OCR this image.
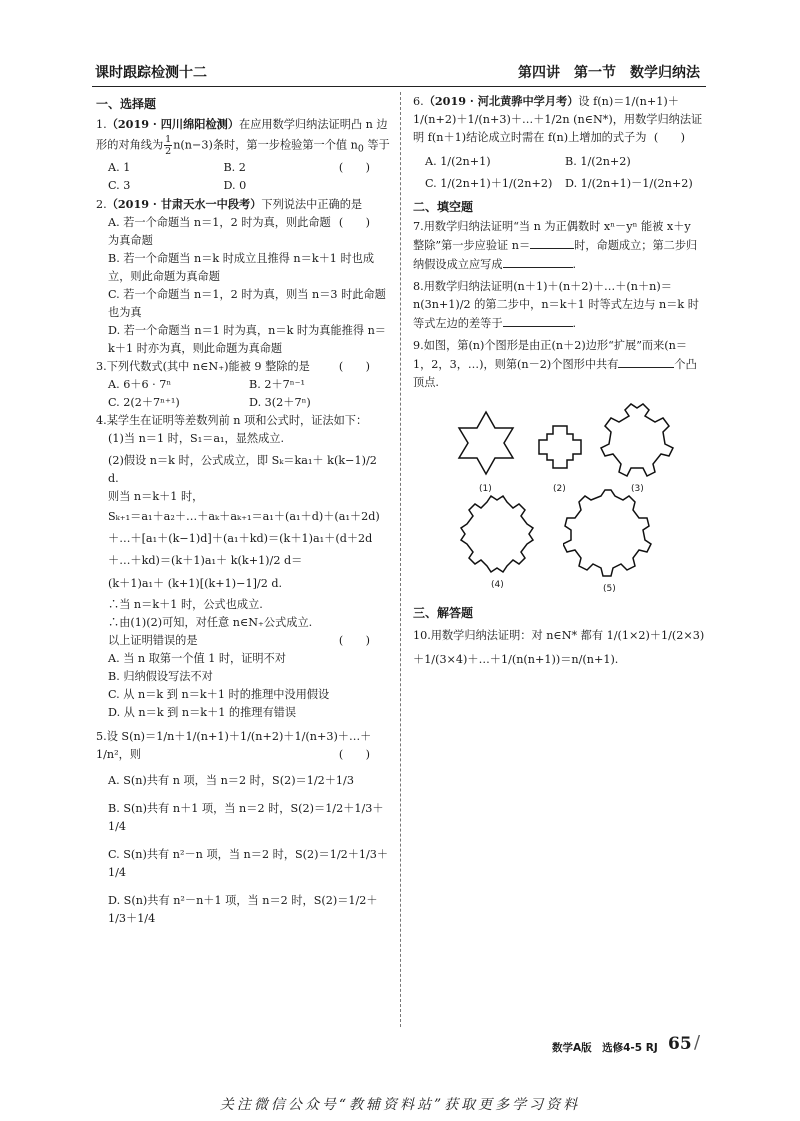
课时跟踪检测十二	第四讲　第一节　数学归纳法
一、选择题
1.（2019 · 四川绵阳检测）在应用数学归纳法证明凸 n 边形的对角线为 $\frac{1}{2} n(n-3)$条时，第一步检验第一个值 $n_0$ 等于
(　　)
A. 1	B. 2
C. 3	D. 0
2.（2019 · 甘肃天水一中段考）下列说法中正确的是
(　　)
A. 若一个命题当 n＝1，2 时为真，则此命题为真命题
B. 若一个命题当 n＝k 时成立且推得 n＝k＋1 时也成立，则此命题为真命题
C. 若一个命题当 n＝1，2 时为真，则当 n＝3 时此命题也为真
D. 若一个命题当 n＝1 时为真，n＝k 时为真能推得 n＝k＋1 时亦为真，则此命题为真命题
3.下列代数式(其中 n∈N₊)能被 9 整除的是	(　　)
A. 6＋6 · 7ⁿ	B. 2＋7ⁿ⁻¹
C. 2(2＋7ⁿ⁺¹)	D. 3(2＋7ⁿ)
4.某学生在证明等差数列前 n 项和公式时，证法如下：
(1)当 n＝1 时，S₁＝a₁，显然成立.
(2)假设 n＝k 时，公式成立，即 Sₖ＝ka₁＋ k(k−1)/2 d.
则当 n＝k＋1 时，
Sₖ₊₁＝a₁＋a₂＋…＋aₖ＋aₖ₊₁＝a₁＋(a₁＋d)＋(a₁＋2d)＋…＋[a₁＋(k−1)d]＋(a₁＋kd)＝(k＋1)a₁＋(d＋2d＋…＋kd)＝(k＋1)a₁＋ k(k+1)/2 d＝
(k＋1)a₁＋ (k+1)[(k+1)−1]/2 d.
∴当 n＝k＋1 时，公式也成立.
∴由(1)(2)可知，对任意 n∈N₊公式成立.
以上证明错误的是	(　　)
A. 当 n 取第一个值 1 时，证明不对
B. 归纳假设写法不对
C. 从 n＝k 到 n＝k＋1 时的推理中没用假设
D. 从 n＝k 到 n＝k＋1 的推理有错误
5.设 S(n)＝1/n＋1/(n+1)＋1/(n+2)＋1/(n+3)＋…＋1/n²，则	(　　)
A. S(n)共有 n 项，当 n＝2 时，S(2)＝1/2＋1/3
B. S(n)共有 n＋1 项，当 n＝2 时，S(2)＝1/2＋1/3＋1/4
C. S(n)共有 n²－n 项，当 n＝2 时，S(2)＝1/2＋1/3＋1/4
D. S(n)共有 n²－n＋1 项，当 n＝2 时，S(2)＝1/2＋1/3＋1/4
6.（2019 · 河北黄骅中学月考）设 f(n)＝1/(n+1)＋1/(n+2)＋1/(n+3)＋…＋1/2n (n∈N*)，用数学归纳法证明 f(n＋1)结论成立时需在 f(n)上增加的式子为 (　　)
A. 1/(2n+1)	B. 1/(2n+2)
C. 1/(2n+1)＋1/(2n+2)	D. 1/(2n+1)－1/(2n+2)
二、填空题
7.用数学归纳法证明“当 n 为正偶数时 xⁿ－yⁿ 能被 x＋y 整除”第一步应验证 n＝	时，命题成立；第二步归纳假设成立应写成	.
8.用数学归纳法证明(n＋1)＋(n＋2)＋…＋(n＋n)＝ n(3n+1)/2 的第二步中，n＝k＋1 时等式左边与 n＝k 时等式左边的差等于	.
9.如图，第(n)个图形是由正(n＋2)边形“扩展”而来(n＝1，2，3，…)，则第(n－2)个图形中共有	个凸顶点.
(1)	(2)	(3)
(4)	(5)
三、解答题
10.用数学归纳法证明：对 n∈N* 都有 1/(1×2)＋1/(2×3)＋1/(3×4)＋…＋1/(n(n+1))＝n/(n+1).
数学A版　选修4-5 RJ 65 /
关注微信公众号“教辅资料站”获取更多学习资料
